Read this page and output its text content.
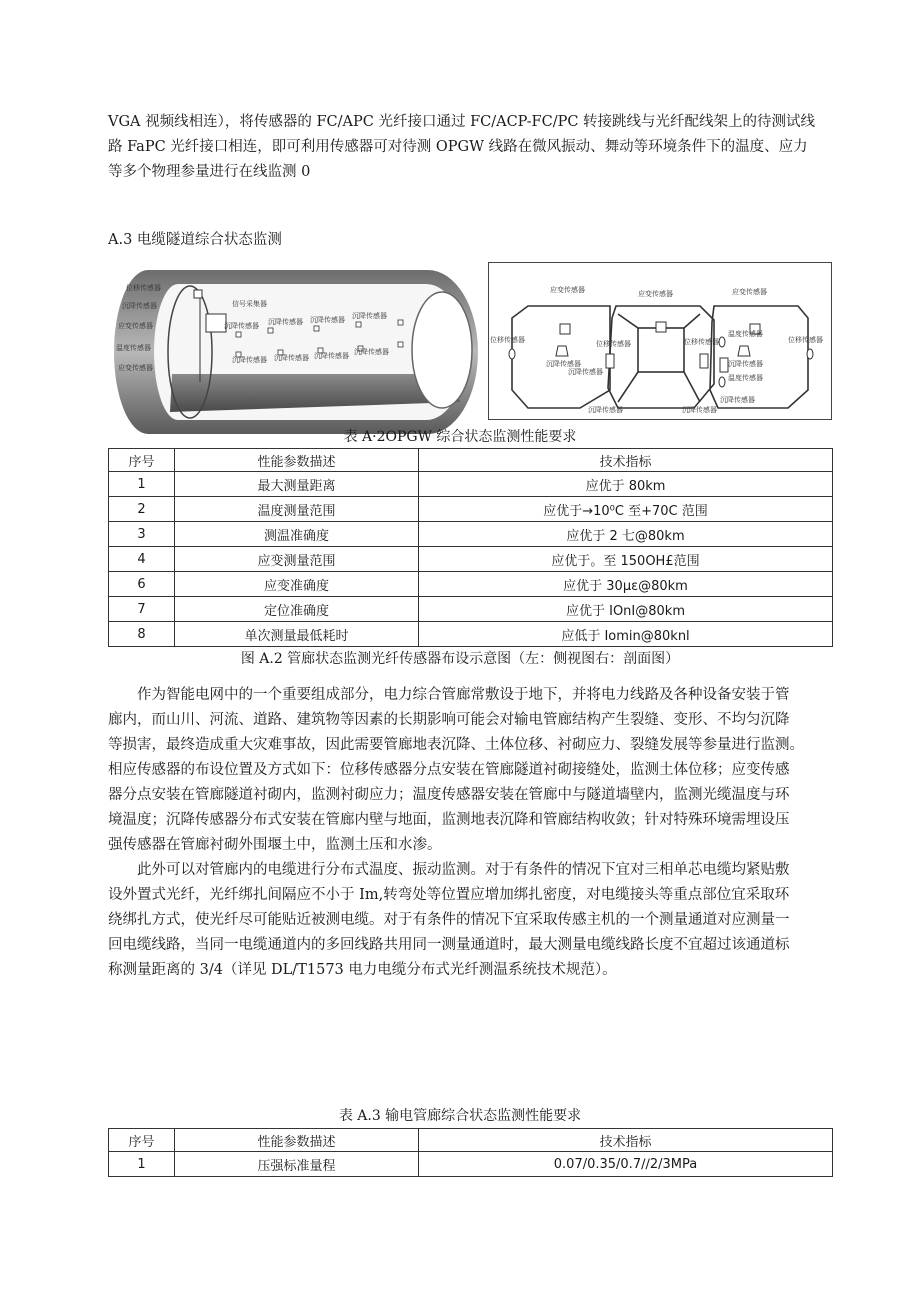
VGA 视频线相连），将传感器的 FC/APC 光纤接口通过 FC/ACP-FC/PC 转接跳线与光纤配线架上的待测试线

路 FaPC 光纤接口相连，即可利用传感器可对待测 OPGW 线路在微风振动、舞动等环境条件下的温度、应力

等多个物理参量进行在线监测 0

A.3 电缆隧道综合状态监测
位移传感器
沉降传感器
应变传感器
温度传感器
应变传感器
信号采集器
沉降传感器 沉降传感器 沉降传感器 沉降传感器
沉降传感器 沉降传感器 沉降传感器 沉降传感器
应变传感器	应变传感器	应变传感器
位移传感器	位移传感器	位移传感器	位移传感器
温度传感器
温度传感器
沉降传感器
沉降传感器
沉降传感器
沉降传感器	沉降传感器
沉降传感器
表 A·2OPGW 综合状态监测性能要求
序号	性能参数描述	技术指标
1	最大测量距离	应优于 80km
2	温度测量范围	应优于→10⁰C 至+70C 范围
3	测温准确度	应优于 2 七@80km
4	应变测量范围	应优于。至 150OH£范围
6	应变准确度	应优于 30με@80km
7	定位准确度	应优于 IOnI@80km
8	单次测量最低耗时	应低于 Iomin@80knl
图 A.2 管廊状态监测光纤传感器布设示意图（左：侧视图右：剖面图）

作为智能电网中的一个重要组成部分，电力综合管廊常敷设于地下，并将电力线路及各种设备安装于管

廊内，而山川、河流、道路、建筑物等因素的长期影响可能会对输电管廊结构产生裂缝、变形、不均匀沉降

等损害，最终造成重大灾难事故，因此需要管廊地表沉降、土体位移、衬砌应力、裂缝发展等参量进行监测。

相应传感器的布设位置及方式如下：位移传感器分点安装在管廊隧道衬砌接缝处，监测土体位移；应变传感

器分点安装在管廊隧道衬砌内，监测衬砌应力；温度传感器安装在管廊中与隧道墙壁内，监测光缆温度与环

境温度；沉降传感器分布式安装在管廊内壁与地面，监测地表沉降和管廊结构收敛；针对特殊环境需埋设压

强传感器在管廊衬砌外围堰土中，监测土压和水渗。

此外可以对管廊内的电缆进行分布式温度、振动监测。对于有条件的情况下宜对三相单芯电缆均紧贴敷

设外置式光纤，光纤绑扎间隔应不小于 Im,转弯处等位置应增加绑扎密度，对电缆接头等重点部位宜采取环

绕绑扎方式，使光纤尽可能贴近被测电缆。对于有条件的情况下宜采取传感主机的一个测量通道对应测量一

回电缆线路，当同一电缆通道内的多回线路共用同一测量通道时，最大测量电缆线路长度不宜超过该通道标

称测量距离的 3/4（详见 DL/T1573 电力电缆分布式光纤测温系统技术规范）。

表 A.3 输电管廊综合状态监测性能要求
序号	性能参数描述	技术指标
1	压强标准量程	0.07/0.35/0.7∕∕2/3MPa
